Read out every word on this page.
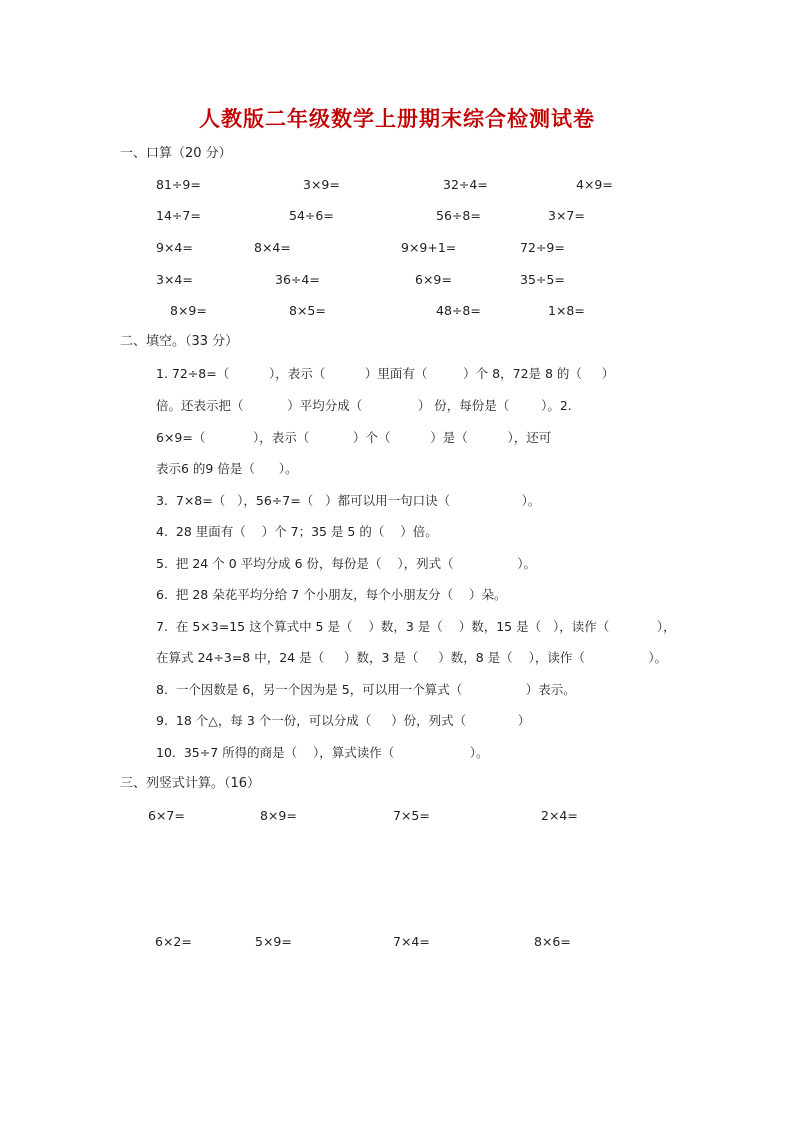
人教版二年级数学上册期末综合检测试卷
一、口算（20 分）
81÷9=	3×9=	32÷4=	4×9=
14÷7=	54÷6=	56÷8=	3×7=
9×4=	8×4=	9×9+1=	72÷9=
3×4=	36÷4=	6×9=	35÷5=
8×9=	8×5=	48÷8=	1×8=
二、填空。（33 分）
1. 72÷8=（          ），表示（          ）里面有（         ）个 8，72是 8 的（     ）
倍。还表示把（           ）平均分成（              ） 份，每份是（        ）。2.
6×9=（            ），表示（           ）个（          ）是（          ），还可
表示6 的9 倍是（      ）。
3.  7×8=（   ），56÷7=（   ）都可以用一句口诀（                  ）。
4.  28 里面有（    ）个 7；35 是 5 的（    ）倍。
5.  把 24 个 0 平均分成 6 份，每份是（    ），列式（                ）。
6.  把 28 朵花平均分给 7 个小朋友，每个小朋友分（    ）朵。
7.  在 5×3=15 这个算式中 5 是（    ）数，3 是（    ）数，15 是（   ），读作（            ），
在算式 24÷3=8 中，24 是（     ）数，3 是（     ）数，8 是（    ），读作（                ）。
8.  一个因数是 6，另一个因为是 5，可以用一个算式（                ）表示。
9.  18 个△，每 3 个一份，可以分成（     ）份，列式（             ）
10.  35÷7 所得的商是（    ），算式读作（                   ）。
三、列竖式计算。（16）
6×7=	8×9=	7×5=	2×4=
6×2=	5×9=	7×4=	8×6=
